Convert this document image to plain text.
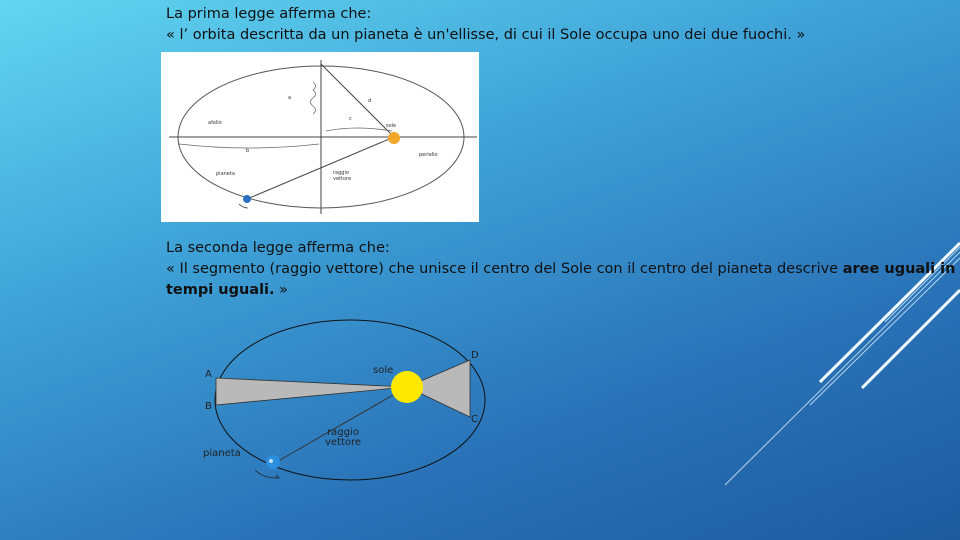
La prima legge afferma che:
« l’ orbita descritta da un pianeta è un'ellisse, di cui il Sole occupa uno dei due fuochi. »
afelio	sole
perielio
pianeta	raggio
vettore
a	d
c
b
La seconda legge afferma che:
« Il segmento (raggio vettore) che unisce il centro del Sole con il centro del pianeta descrive aree uguali in tempi uguali. »
A
B
C
D
sole
raggio
vettore
pianeta
